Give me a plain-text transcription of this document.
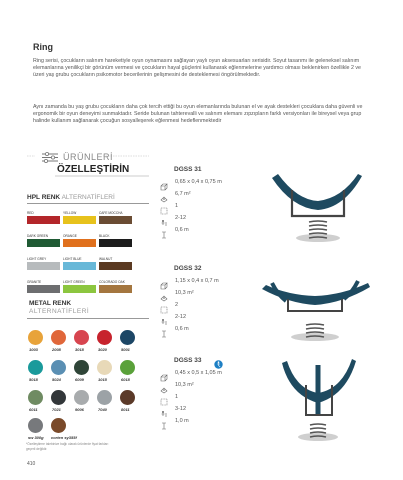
Ring
Ring serisi, çocukların salınım hareketiyle oyun oynamasını sağlayan yaylı oyun aksesuarları serisidir. Soyut tasarımı ile geleneksel salınım elemanlarına yenilikçi bir görünüm vermesi ve çocukların hayal güçlerini kullanarak eğlenmelerine yardımcı olması beklenirken özellikle 2 ve üzeri yaş grubu çocukların psikomotor becerilerinin gelişmesini de desteklemesi öngörülmektedir.
Aynı zamanda bu yaş grubu çocukların daha çok tercih ettiği bu oyun elemanlarında bulunan el ve ayak destekleri çocuklara daha güvenli ve ergonomik bir oyun deneyimi sunmaktadır. Seride bulunan tahterevalli ve salınım elemanı zıpzıpların farklı versiyonları ile bireysel veya grup halinde kullanım sağlanarak çocuğun sosyalleşerek eğlenmesi hedeflenmektedir
ÜRÜNLERİ
ÖZELLEŞTİRİN
HPL RENK ALTERNATİFLERİ
RED	YELLOW	CAFE MOCCHA
DARK GREEN	ORANGE	BLACK
LIGHT GREY	LIGHT BLUE	WALNUT
GRANITE	LIGHT GREEN	COLORADO OAK
METAL RENK
ALTERNATİFLERİ
1003	2008	3018	3020	5001
5018	5024	6009	1015	6018
6011	7021	9006	7040	8011
sw 300g corten sy355f
*Özelleştirme talebinize bağlı olarak ürünlerde fiyat farkları geçerli değildir.
410
DGSS 31
0,65 x 0,4 x 0,75 m
6,7 m²
1
2-12
0,6 m
DGSS 32
1,15 x 0,4 x 0,7 m
10,3 m²
2
2-12
0,6 m
DGSS 33
0,45 x 0,5 x 1,05 m
10,3 m²
1
3-12
1,0 m
